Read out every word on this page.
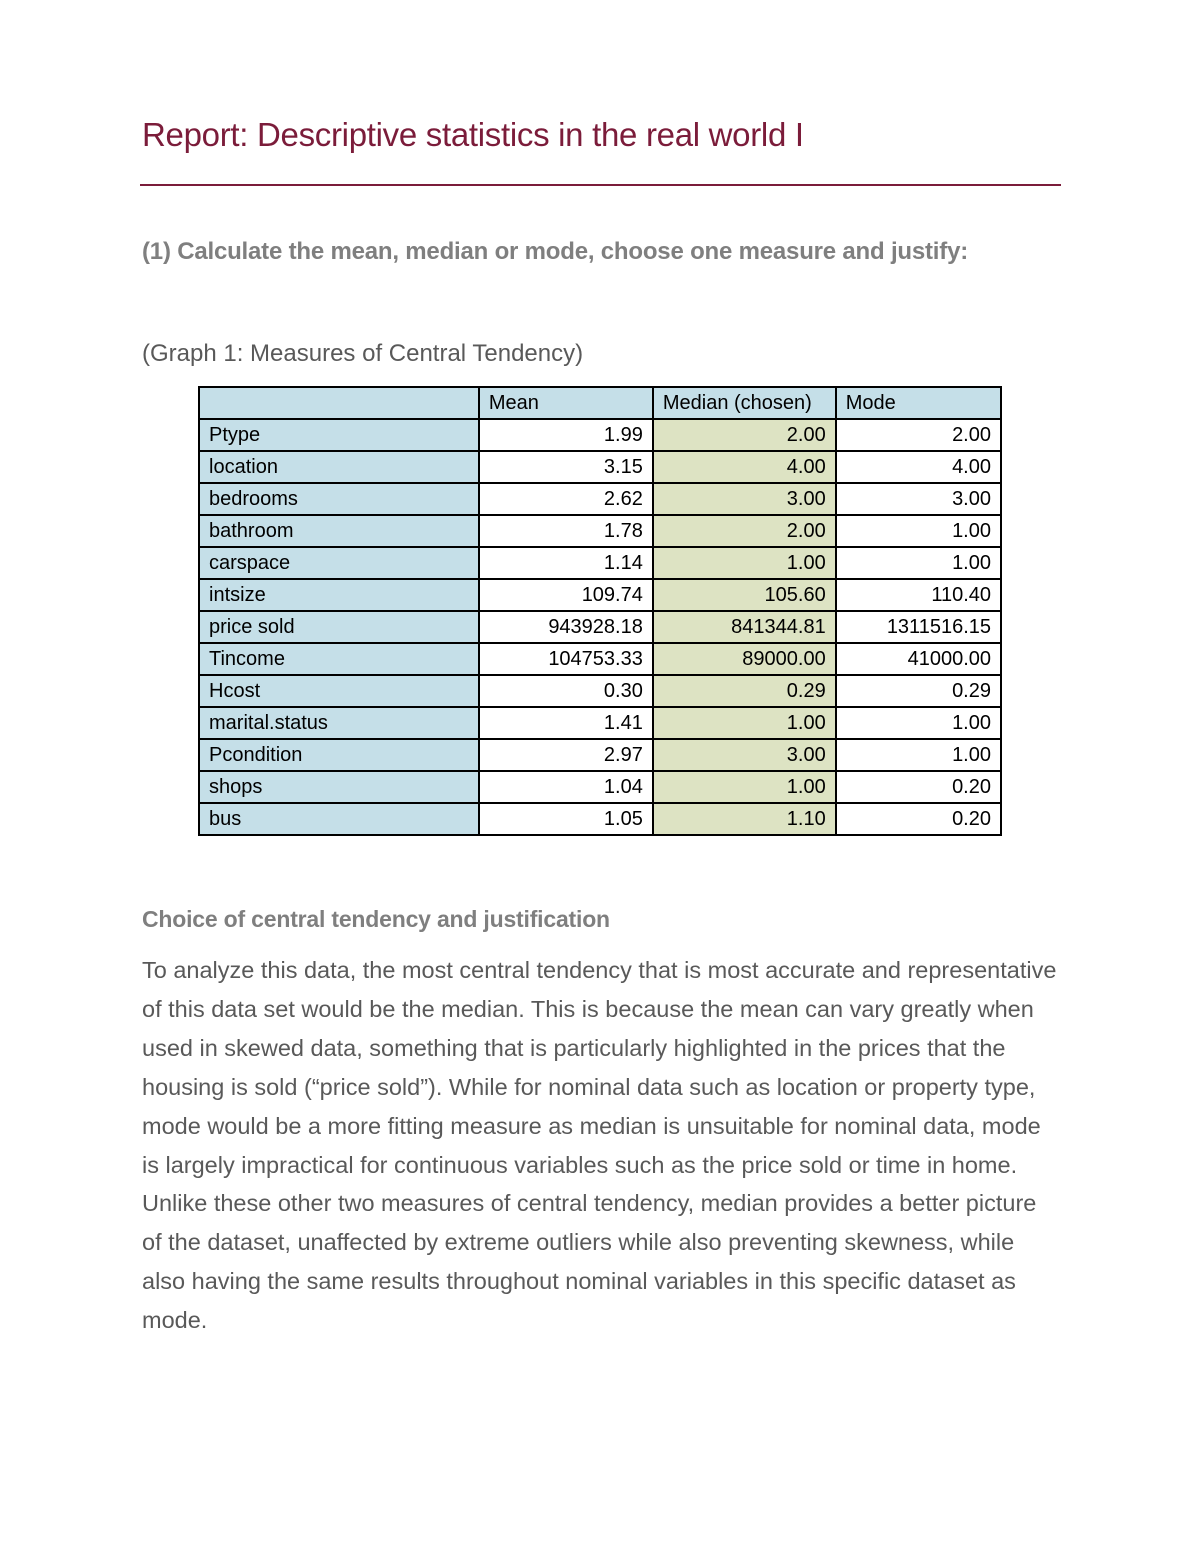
Report: Descriptive statistics in the real world I
(1) Calculate the mean, median or mode, choose one measure and justify:
(Graph 1: Measures of Central Tendency)
	Mean	Median (chosen)	Mode
Ptype	1.99	2.00	2.00
location	3.15	4.00	4.00
bedrooms	2.62	3.00	3.00
bathroom	1.78	2.00	1.00
carspace	1.14	1.00	1.00
intsize	109.74	105.60	110.40
price sold	943928.18	841344.81	1311516.15
Tincome	104753.33	89000.00	41000.00
Hcost	0.30	0.29	0.29
marital.status	1.41	1.00	1.00
Pcondition	2.97	3.00	1.00
shops	1.04	1.00	0.20
bus	1.05	1.10	0.20
Choice of central tendency and justification
To analyze this data, the most central tendency that is most accurate and representative of this data set would be the median. This is because the mean can vary greatly when used in skewed data, something that is particularly highlighted in the prices that the housing is sold (“price sold”). While for nominal data such as location or property type, mode would be a more fitting measure as median is unsuitable for nominal data, mode is largely impractical for continuous variables such as the price sold or time in home. Unlike these other two measures of central tendency, median provides a better picture of the dataset, unaffected by extreme outliers while also preventing skewness, while also having the same results throughout nominal variables in this specific dataset as mode.
